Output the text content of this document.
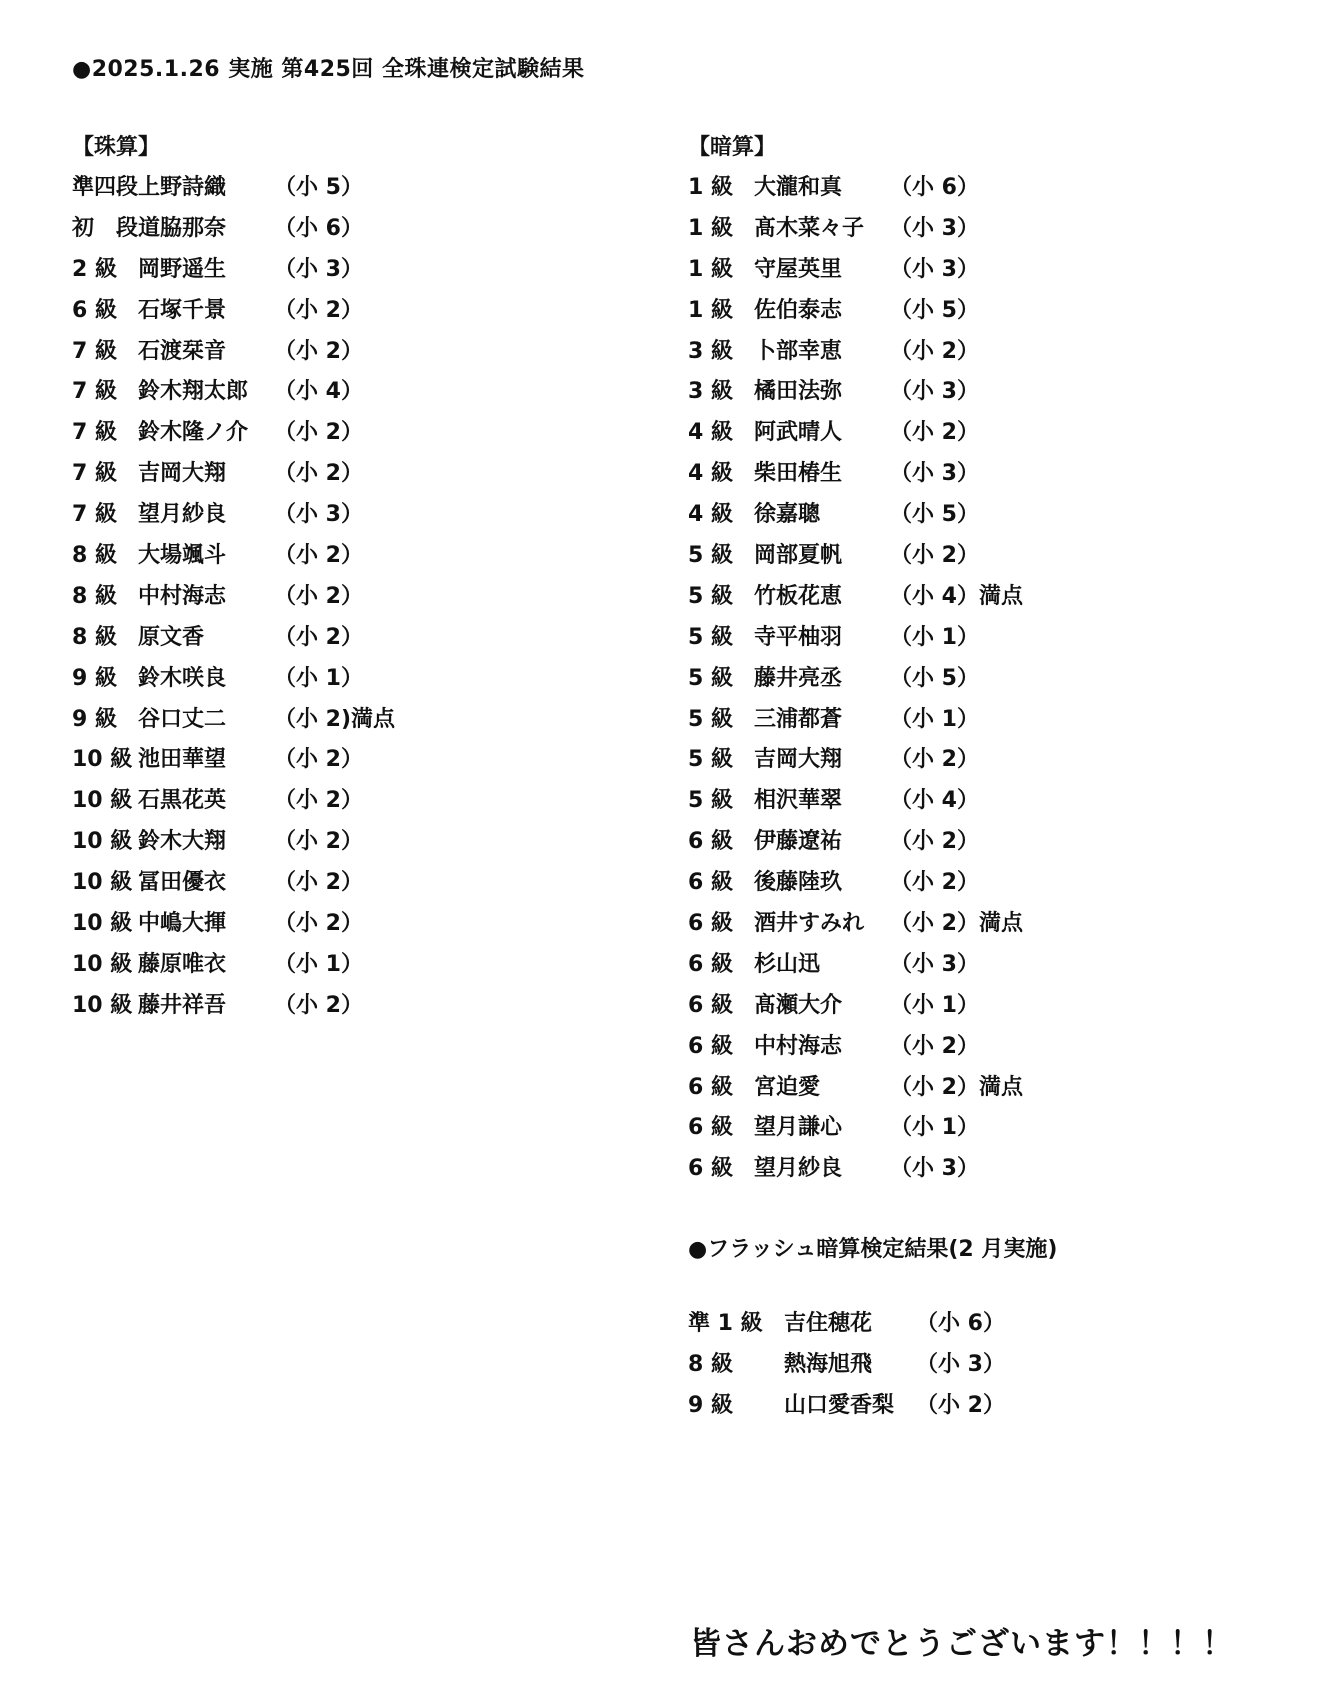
●2025.1.26 実施 第425回 全珠連検定試験結果
【珠算】
準四段上野詩織 （小 5）
初　段道脇那奈 （小 6）
2 級 岡野遥生 （小 3）
6 級 石塚千景 （小 2）
7 級 石渡栞音 （小 2）
7 級 鈴木翔太郎 （小 4）
7 級 鈴木隆ノ介 （小 2）
7 級 吉岡大翔 （小 2）
7 級 望月紗良 （小 3）
8 級 大場颯斗 （小 2）
8 級 中村海志 （小 2）
8 級 原文香	（小 2）
9 級 鈴木咲良 （小 1）
9 級 谷口丈二 （小 2)満点
10 級 池田華望 （小 2）
10 級 石黒花英 （小 2）
10 級 鈴木大翔 （小 2）
10 級 冨田優衣 （小 2）
10 級 中嶋大揮 （小 2）
10 級 藤原唯衣 （小 1）
10 級 藤井祥吾 （小 2）
【暗算】
1 級 大瀧和真 （小 6）
1 級 髙木菜々子 （小 3）
1 級 守屋英里 （小 3）
1 級 佐伯泰志 （小 5）
3 級 卜部幸恵 （小 2）
3 級 橘田法弥 （小 3）
4 級 阿武晴人 （小 2）
4 級 柴田椿生 （小 3）
4 級 徐嘉聰	（小 5）
5 級 岡部夏帆 （小 2）
5 級 竹板花恵 （小 4）満点
5 級 寺平柚羽 （小 1）
5 級 藤井亮丞 （小 5）
5 級 三浦都蒼 （小 1）
5 級 吉岡大翔 （小 2）
5 級 相沢華翠 （小 4）
6 級 伊藤遼祐 （小 2）
6 級 後藤陸玖 （小 2）
6 級 酒井すみれ （小 2）満点
6 級 杉山迅	（小 3）
6 級 髙瀬大介 （小 1）
6 級 中村海志 （小 2）
6 級 宮迫愛	（小 2）満点
6 級 望月謙心 （小 1）
6 級 望月紗良 （小 3）
●フラッシュ暗算検定結果(2 月実施)
準 1 級 吉住穂花 （小 6）
8 級 熱海旭飛 （小 3）
9 級 山口愛香梨 （小 2）
皆さんおめでとうございます！！！！
